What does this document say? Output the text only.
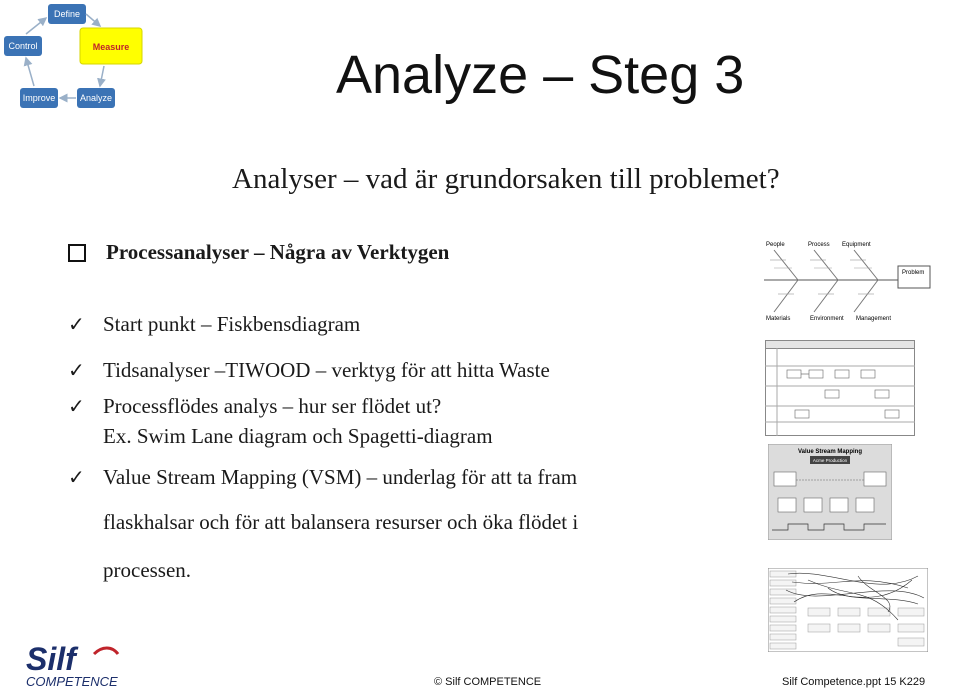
Define
Measure
Control
Improve	Analyze	Analyze – Steg 3
Analyser – vad är grundorsaken till problemet?
Processanalyser – Några av Verktygen
✓ Start punkt – Fiskbensdiagram
✓ Tidsanalyser –TIWOOD – verktyg för att hitta Waste
✓ Processflödes analys – hur ser flödet ut?
Ex. Swim Lane diagram och Spagetti-diagram
✓ Value Stream Mapping (VSM) – underlag för att ta fram
flaskhalsar och för att balansera resurser och öka flödet i
processen.
People	Process Equipment
Problem
Materials	Environment Management
Value Stream Mapping
Acme Production
Silf
COMPETENCE	© Silf COMPETENCE	Silf Competence.ppt 15 K229
